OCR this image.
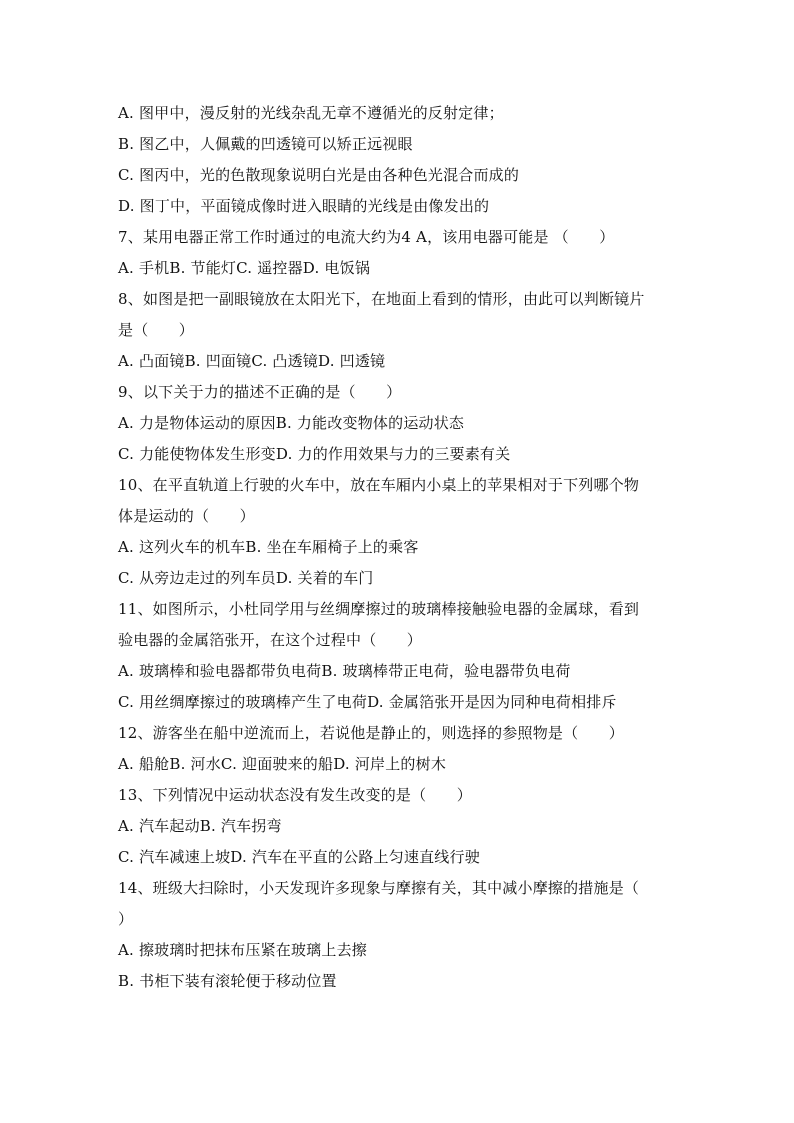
A. 图甲中，漫反射的光线杂乱无章不遵循光的反射定律；
B. 图乙中，人佩戴的凹透镜可以矫正远视眼
C. 图丙中，光的色散现象说明白光是由各种色光混合而成的
D. 图丁中，平面镜成像时进入眼睛的光线是由像发出的
7、某用电器正常工作时通过的电流大约为4 A，该用电器可能是 （　　）
A. 手机B. 节能灯C. 遥控器D. 电饭锅
8、如图是把一副眼镜放在太阳光下，在地面上看到的情形，由此可以判断镜片
是（　　）
A. 凸面镜B. 凹面镜C. 凸透镜D. 凹透镜
9、以下关于力的描述不正确的是（　　）
A. 力是物体运动的原因B. 力能改变物体的运动状态
C. 力能使物体发生形变D. 力的作用效果与力的三要素有关
10、在平直轨道上行驶的火车中，放在车厢内小桌上的苹果相对于下列哪个物
体是运动的（　　）
A. 这列火车的机车B. 坐在车厢椅子上的乘客
C. 从旁边走过的列车员D. 关着的车门
11、如图所示，小杜同学用与丝绸摩擦过的玻璃棒接触验电器的金属球，看到
验电器的金属箔张开，在这个过程中（　　）
A. 玻璃棒和验电器都带负电荷B. 玻璃棒带正电荷，验电器带负电荷
C. 用丝绸摩擦过的玻璃棒产生了电荷D. 金属箔张开是因为同种电荷相排斥
12、游客坐在船中逆流而上，若说他是静止的，则选择的参照物是（　　）
A. 船舱B. 河水C. 迎面驶来的船D. 河岸上的树木
13、下列情况中运动状态没有发生改变的是（　　）
A. 汽车起动B. 汽车拐弯
C. 汽车减速上坡D. 汽车在平直的公路上匀速直线行驶
14、班级大扫除时，小天发现许多现象与摩擦有关，其中减小摩擦的措施是（
）
A. 擦玻璃时把抹布压紧在玻璃上去擦
B. 书柜下装有滚轮便于移动位置
